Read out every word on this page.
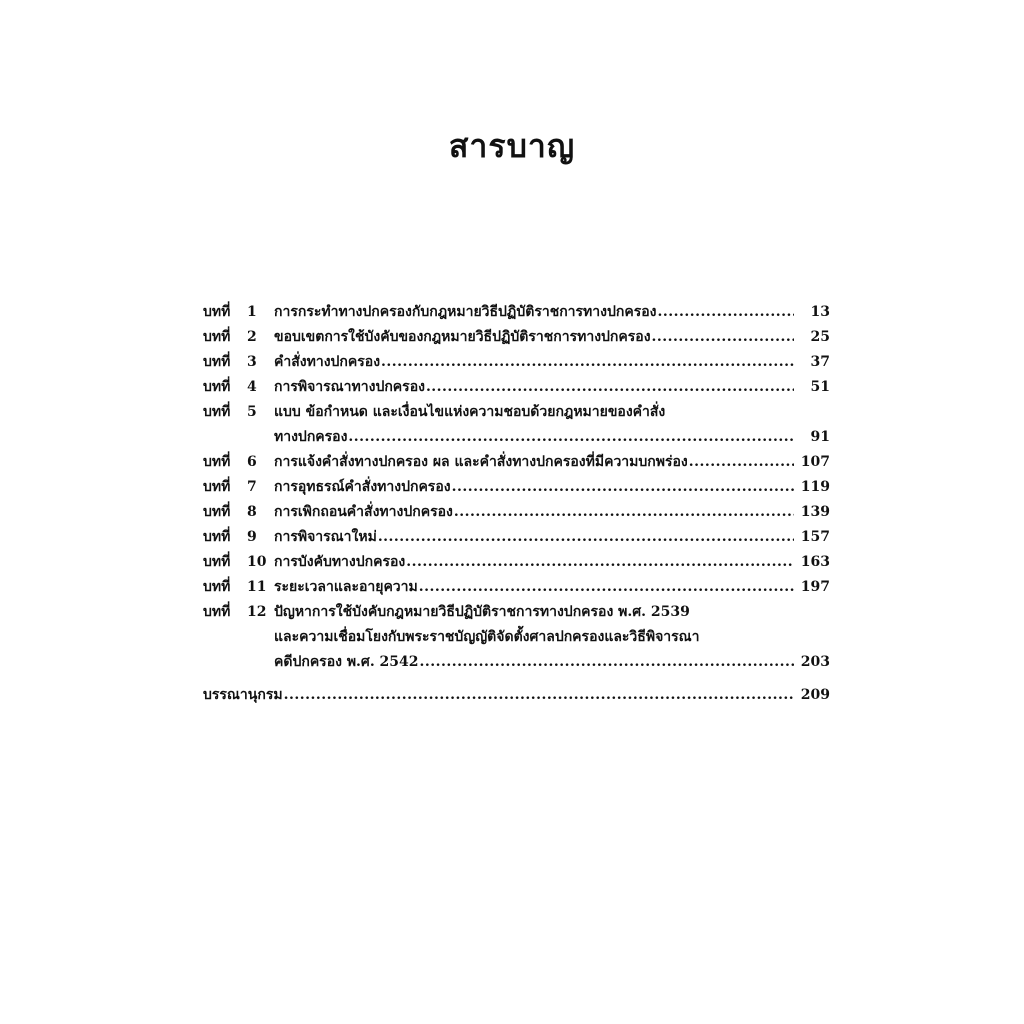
สารบาญ
บทที่	1	การกระทำทางปกครองกับกฎหมายวิธีปฏิบัติราชการทางปกครอง .....	13
บทที่	2	ขอบเขตการใช้บังคับของกฎหมายวิธีปฏิบัติราชการทางปกครอง .....	25
บทที่	3	คำสั่งทางปกครอง .....	37
บทที่	4	การพิจารณาทางปกครอง .....	51
บทที่	5	แบบ ข้อกำหนด และเงื่อนไขแห่งความชอบด้วยกฎหมายของคำสั่ง
ทางปกครอง .....	91
บทที่	6	การแจ้งคำสั่งทางปกครอง ผล และคำสั่งทางปกครองที่มีความบกพร่อง .....	107
บทที่	7	การอุทธรณ์คำสั่งทางปกครอง .....	119
บทที่	8	การเพิกถอนคำสั่งทางปกครอง .....	139
บทที่	9	การพิจารณาใหม่ .....	157
บทที่	10 การบังคับทางปกครอง .....	163
บทที่	11 ระยะเวลาและอายุความ .....	197
บทที่	12 ปัญหาการใช้บังคับกฎหมายวิธีปฏิบัติราชการทางปกครอง พ.ศ. 2539
และความเชื่อมโยงกับพระราชบัญญัติจัดตั้งศาลปกครองและวิธีพิจารณา
คดีปกครอง พ.ศ. 2542 .....	203
บรรณานุกรม .....	209
